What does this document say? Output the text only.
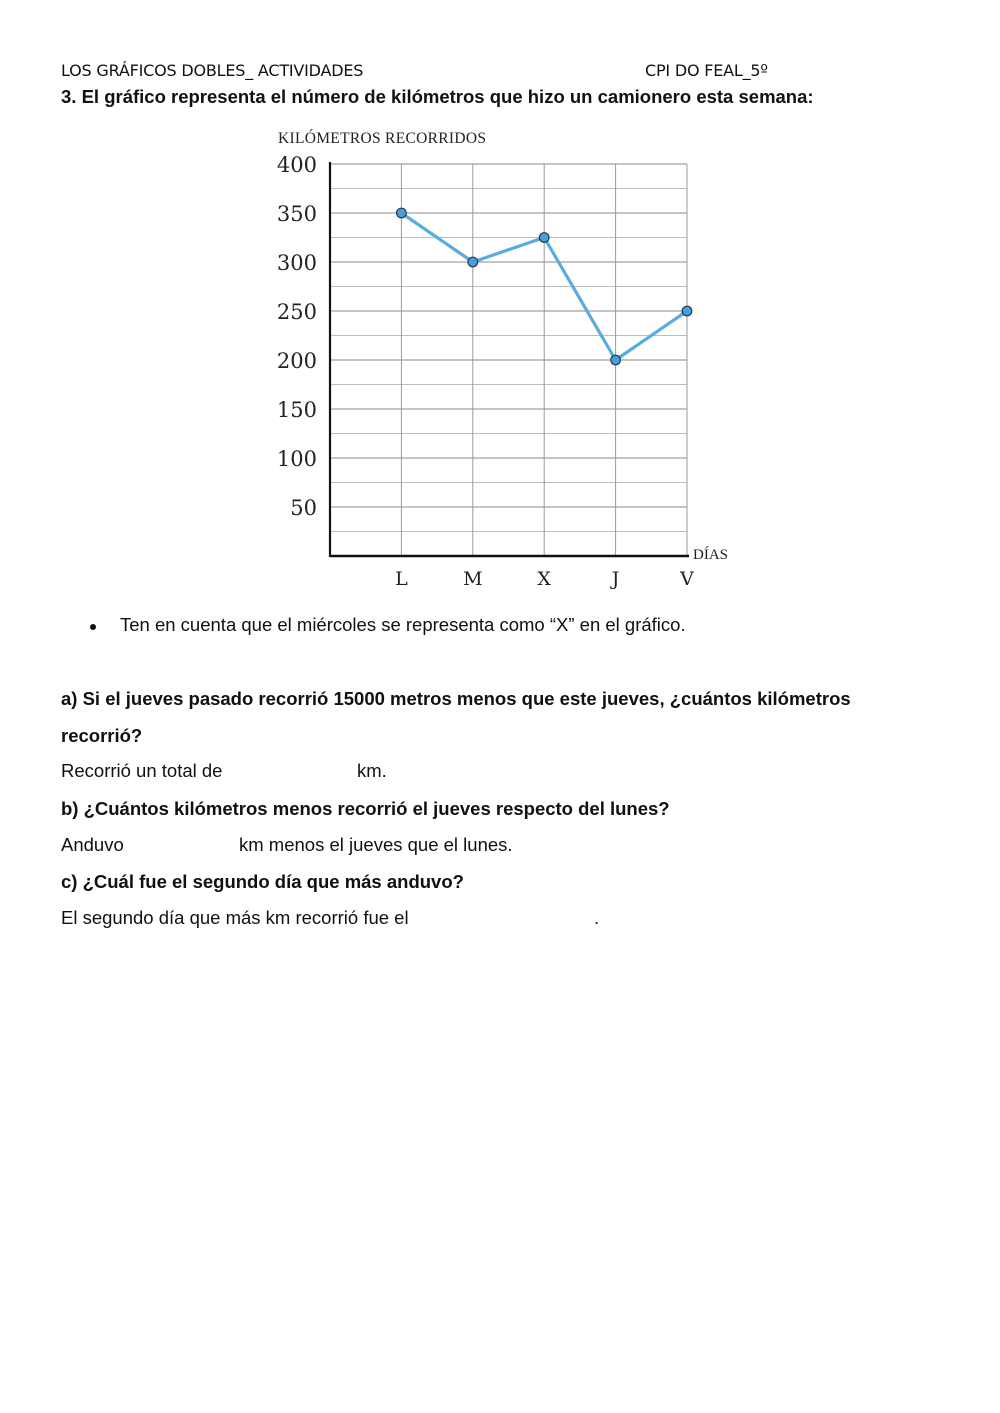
LOS GRÁFICOS DOBLES_ ACTIVIDADES	CPI DO FEAL_5º
3. El gráfico representa el número de kilómetros que hizo un camionero esta semana:
50
100
150
200
250
300
350
400
L	M	X	J	V
KILÓMETROS RECORRIDOS
DÍAS
Ten en cuenta que el miércoles se representa como “X” en el gráfico.
a) Si el jueves pasado recorrió 15000 metros menos que este jueves, ¿cuántos kilómetros
recorrió?
Recorrió un total de	km.
b) ¿Cuántos kilómetros menos recorrió el jueves respecto del lunes?
Anduvo	km menos el jueves que el lunes.
c) ¿Cuál fue el segundo día que más anduvo?
El segundo día que más km recorrió fue el	.
